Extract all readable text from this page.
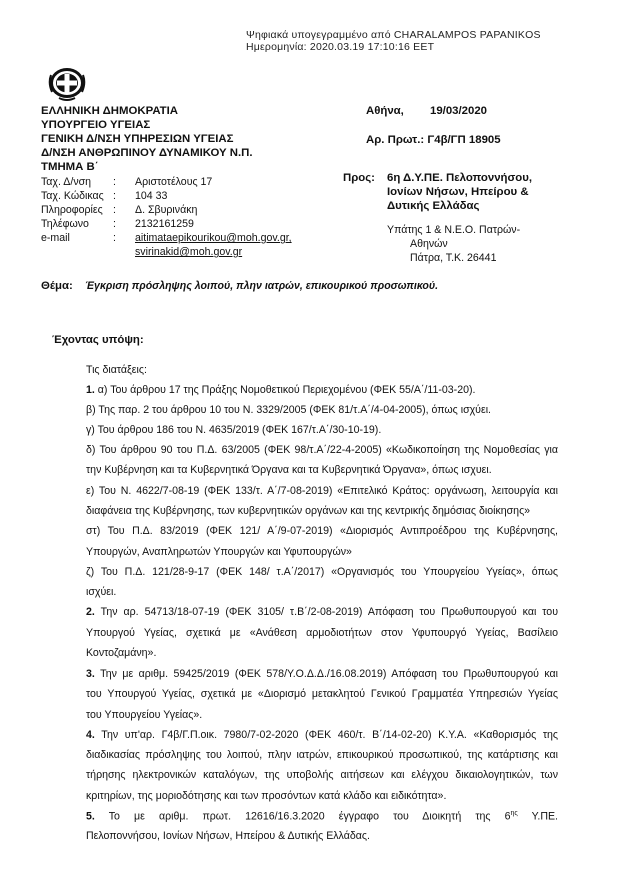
Ψηφιακά υπογεγραμμένο από CHARALAMPOS PAPANIKOS
Ημερομηνία: 2020.03.19 17:10:16 EET
ΕΛΛΗΝΙΚΗ ΔΗΜΟΚΡΑΤΙΑ
ΥΠΟΥΡΓΕΙΟ ΥΓΕΙΑΣ
ΓΕΝΙΚΗ Δ/ΝΣΗ ΥΠΗΡΕΣΙΩΝ ΥΓΕΙΑΣ
Δ/ΝΣΗ ΑΝΘΡΩΠΙΝΟΥ ΔΥΝΑΜΙΚΟΥ Ν.Π.
ΤΜΗΜΑ Β΄
Αθήνα, 19/03/2020
Αρ. Πρωτ.: Γ4β/ΓΠ 18905
Ταχ. Δ/νση : Αριστοτέλους 17
Ταχ. Κώδικας : 104 33
Πληροφορίες : Δ. Σβυρινάκη
Τηλέφωνο : 2132161259
e-mail	: aitimataepikourikou@moh.gov.gr,
svirinakid@moh.gov.gr
Προς: 6η Δ.Υ.ΠΕ. Πελοποννήσου,
Ιονίων Νήσων, Ηπείρου &
Δυτικής Ελλάδας
Υπάτης 1 & Ν.Ε.Ο. Πατρών-
Αθηνών
Πάτρα, Τ.Κ. 26441
Θέμα: Έγκριση πρόσληψης λοιπού, πλην ιατρών, επικουρικού προσωπικού.
Έχοντας υπόψη:
Τις διατάξεις:
1. α) Του άρθρου 17 της Πράξης Νομοθετικού Περιεχομένου (ΦΕΚ 55/Α΄/11-03-20).
β) Της παρ. 2 του άρθρου 10 του Ν. 3329/2005 (ΦΕΚ 81/τ.Α΄/4-04-2005), όπως ισχύει.
γ) Του άρθρου 186 του Ν. 4635/2019 (ΦΕΚ 167/τ.Α΄/30-10-19).
δ) Του άρθρου 90 του Π.Δ. 63/2005 (ΦΕΚ 98/τ.Α΄/22-4-2005) «Κωδικοποίηση της Νομοθεσίας για
την Κυβέρνηση και τα Κυβερνητικά Όργανα και τα Κυβερνητικά Όργανα», όπως ισχυει.
ε) Του Ν. 4622/7-08-19 (ΦΕΚ 133/τ. Α΄/7-08-2019) «Επιτελικό Κράτος: οργάνωση, λειτουργία και
διαφάνεια της Κυβέρνησης, των κυβερνητικών οργάνων και της κεντρικής δημόσιας διοίκησης»
στ) Του Π.Δ. 83/2019 (ΦΕΚ 121/ Α΄/9-07-2019) «Διορισμός Αντιπροέδρου της Κυβέρνησης,
Υπουργών, Αναπληρωτών Υπουργών και Υφυπουργών»
ζ) Του Π.Δ. 121/28-9-17 (ΦΕΚ 148/ τ.Α΄/2017) «Οργανισμός του Υπουργείου Υγείας», όπως
ισχύει.
2. Την αρ. 54713/18-07-19 (ΦΕΚ 3105/ τ.Β΄/2-08-2019) Απόφαση του Πρωθυπουργού και του
Υπουργού Υγείας, σχετικά με «Ανάθεση αρμοδιοτήτων στον Υφυπουργό Υγείας, Βασίλειο
Κοντοζαμάνη».
3. Την με αριθμ. 59425/2019 (ΦΕΚ 578/Υ.Ο.Δ.Δ./16.08.2019) Απόφαση του Πρωθυπουργού και
του Υπουργού Υγείας, σχετικά με «Διορισμό μετακλητού Γενικού Γραμματέα Υπηρεσιών Υγείας
του Υπουργείου Υγείας».
4. Την υπ'αρ. Γ4β/Γ.Π.οικ. 7980/7-02-2020 (ΦΕΚ 460/τ. Β΄/14-02-20) Κ.Υ.Α. «Καθορισμός της
διαδικασίας πρόσληψης του λοιπού, πλην ιατρών, επικουρικού προσωπικού, της κατάρτισης και
τήρησης ηλεκτρονικών καταλόγων, της υποβολής αιτήσεων και ελέγχου δικαιολογητικών, των
κριτηρίων, της μοριοδότησης και των προσόντων κατά κλάδο και ειδικότητα».
5. Το με αριθμ. πρωτ. 12616/16.3.2020 έγγραφο του Διοικητή της $6^{\eta\varsigma}$ Υ.ΠΕ.
Πελοποννήσου, Ιονίων Νήσων, Ηπείρου & Δυτικής Ελλάδας.
